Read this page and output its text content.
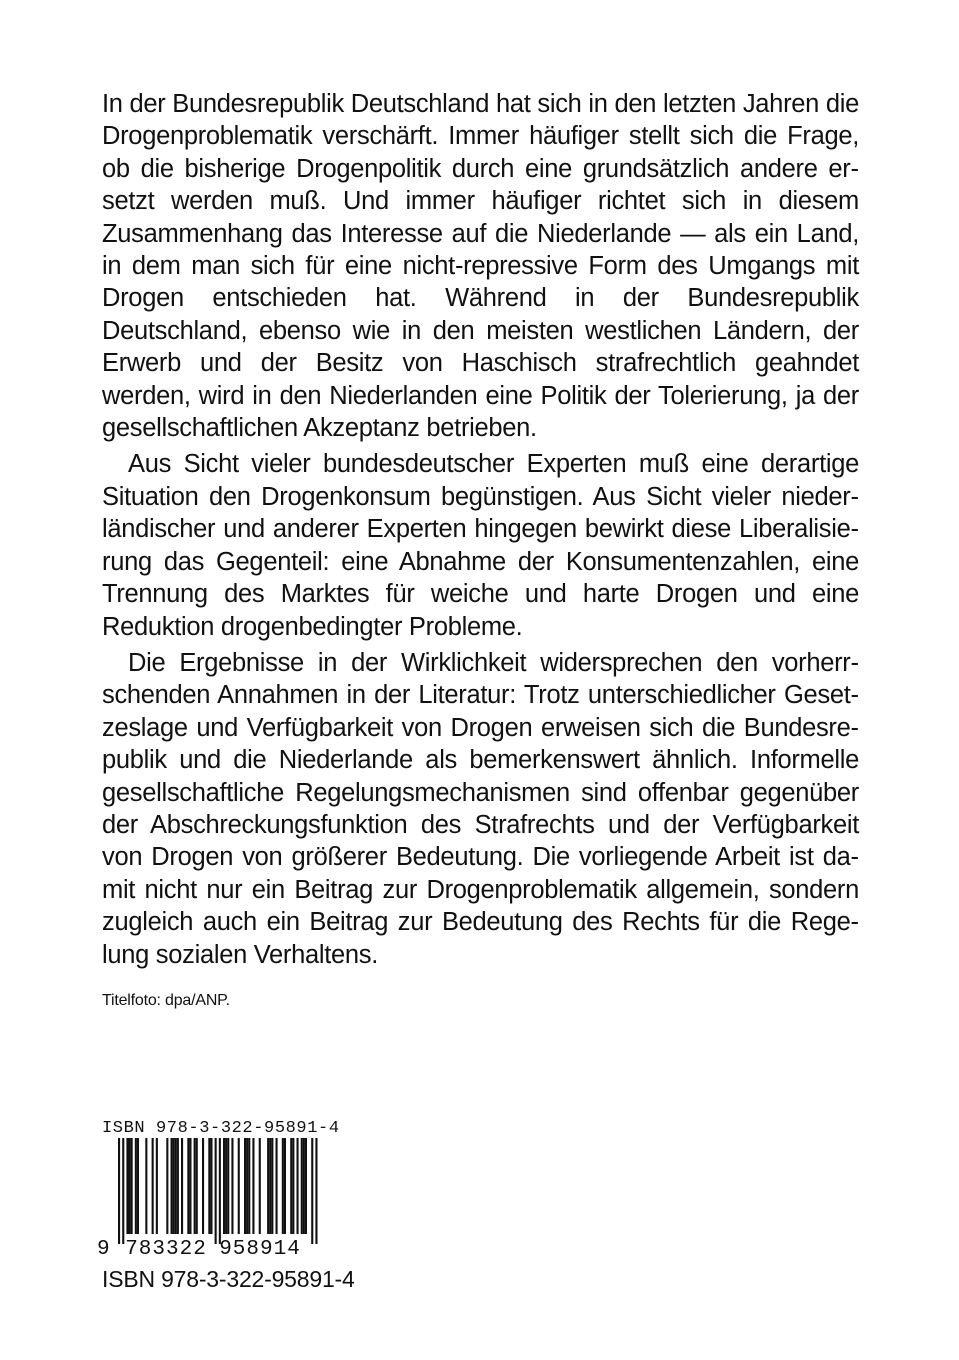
In der Bundesrepublik Deutschland hat sich in den letzten Jahren die Drogenproblematik verschärft. Immer häufiger stellt sich die Frage, ob die bisherige Drogenpolitik durch eine grundsätzlich andere ersetzt werden muß. Und immer häufiger richtet sich in diesem Zusammenhang das Interesse auf die Niederlande — als ein Land, in dem man sich für eine nicht-repressive Form des Umgangs mit Drogen entschieden hat. Während in der Bundesrepublik Deutschland, ebenso wie in den meisten westlichen Ländern, der Erwerb und der Besitz von Haschisch strafrechtlich geahndet werden, wird in den Niederlanden eine Politik der Tolerierung, ja der gesellschaftlichen Akzeptanz betrieben.

Aus Sicht vieler bundesdeutscher Experten muß eine derartige Situation den Drogenkonsum begünstigen. Aus Sicht vieler niederländischer und anderer Experten hingegen bewirkt diese Liberalisierung das Gegenteil: eine Abnahme der Konsumentenzahlen, eine Trennung des Marktes für weiche und harte Drogen und eine Reduktion drogenbedingter Probleme.

Die Ergebnisse in der Wirklichkeit widersprechen den vorherrschenden Annahmen in der Literatur: Trotz unterschiedlicher Gesetzeslage und Verfügbarkeit von Drogen erweisen sich die Bundesrepublik und die Niederlande als bemerkenswert ähnlich. Informelle gesellschaftliche Regelungsmechanismen sind offenbar gegenüber der Abschreckungsfunktion des Strafrechts und der Verfügbarkeit von Drogen von größerer Bedeutung. Die vorliegende Arbeit ist damit nicht nur ein Beitrag zur Drogenproblematik allgemein, sondern zugleich auch ein Beitrag zur Bedeutung des Rechts für die Regelung sozialen Verhaltens.

Titelfoto: dpa/ANP.
ISBN 978-3-322-95891-4
9 783322 958914
ISBN 978-3-322-95891-4
